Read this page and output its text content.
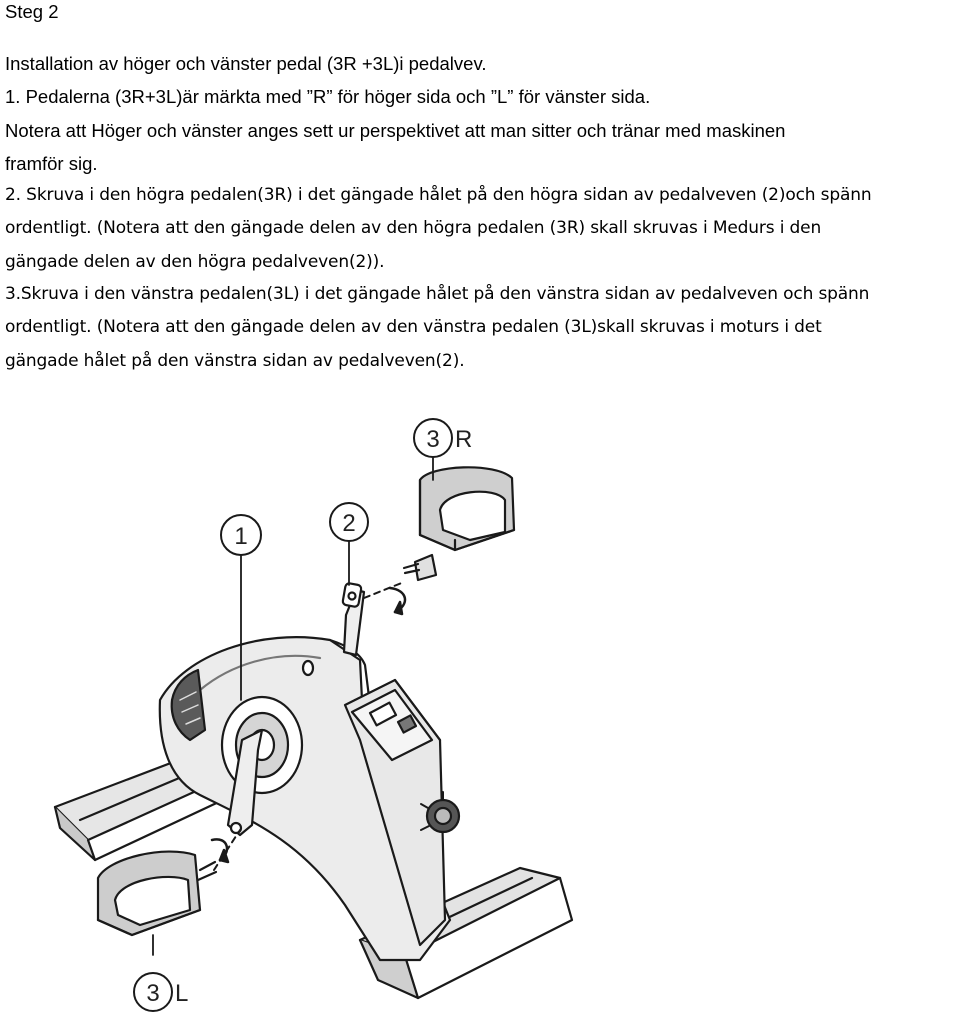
Steg 2
Installation av höger och vänster pedal (3R +3L)i pedalvev.
1. Pedalerna (3R+3L)är märkta med ”R” för höger sida och ”L” för vänster sida.
Notera att Höger och vänster anges sett ur perspektivet att man sitter och tränar med maskinen
framför sig.
2. Skruva i den högra pedalen(3R) i det gängade hålet på den högra sidan av pedalveven (2)och spänn
ordentligt. (Notera att den gängade delen av den högra pedalen (3R) skall skruvas i Medurs i den
gängade delen av den högra pedalveven(2)).
3.Skruva i den vänstra pedalen(3L) i det gängade hålet på den vänstra sidan av pedalveven och spänn
ordentligt. (Notera att den gängade delen av den vänstra pedalen (3L)skall skruvas i moturs i det
gängade hålet på den vänstra sidan av pedalveven(2).
1	2
3 R
3 L
